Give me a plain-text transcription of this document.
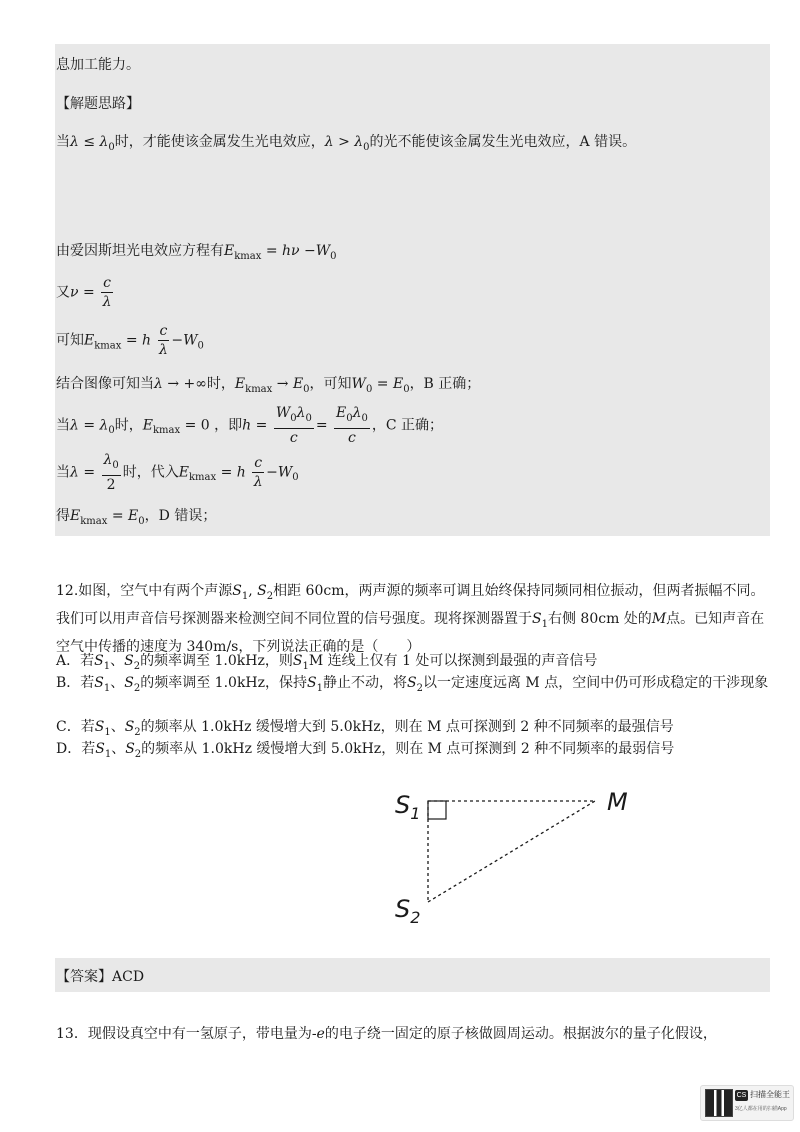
息加工能力。
【解题思路】
当$\lambda \le \lambda_0$时，才能使该金属发生光电效应，$\lambda > \lambda_0$的光不能使该金属发生光电效应，A 错误。
由爱因斯坦光电效应方程有$E_{kmax} = h\nu -W_0$
又$\nu = \frac{c}{\lambda}$
可知$E_{kmax} = h \frac{c}{\lambda} -W_0$
结合图像可知当λ → +∞时，$E_{kmax} \to E_0$，可知$W_0 = E_0$，B 正确；
当$\lambda = \lambda_0$时，$E_{kmax} = 0$ ，即$h = \frac{W_0\lambda_0}{c} = \frac{E_0\lambda_0}{c}$ ，C 正确；
当$\lambda = \frac{\lambda_0}{2}$ 时，代入$E_{kmax} = h \frac{c}{\lambda} -W_0$
得$E_{kmax} = E_0$，D 错误；
12.如图，空气中有两个声源$S_1$, $S_2$相距 60cm，两声源的频率可调且始终保持同频同相位振动，但两者振幅不同。我们可以用声音信号探测器来检测空间不同位置的信号强度。现将探测器置于$S_1$右侧 80cm 处的M点。已知声音在空气中传播的速度为 340m/s，下列说法正确的是（　　）
A．若$S_1$、$S_2$的频率调至 1.0kHz，则$S_1M$ 连线上仅有 1 处可以探测到最强的声音信号
B．若$S_1$、$S_2$的频率调至 1.0kHz，保持$S_1$静止不动，将$S_2$以一定速度远离 M 点，空间中仍可形成稳定的干涉现象
C．若$S_1$、$S_2$的频率从 1.0kHz 缓慢增大到 5.0kHz，则在 M 点可探测到 2 种不同频率的最强信号
D．若$S_1$、$S_2$的频率从 1.0kHz 缓慢增大到 5.0kHz，则在 M 点可探测到 2 种不同频率的最弱信号
$S_1$
$S_2$
M
【答案】ACD
13．现假设真空中有一氢原子，带电量为-e的电子绕一固定的原子核做圆周运动。根据波尔的量子化假设，
CS 扫描全能王
3亿人都在用的扫描App
